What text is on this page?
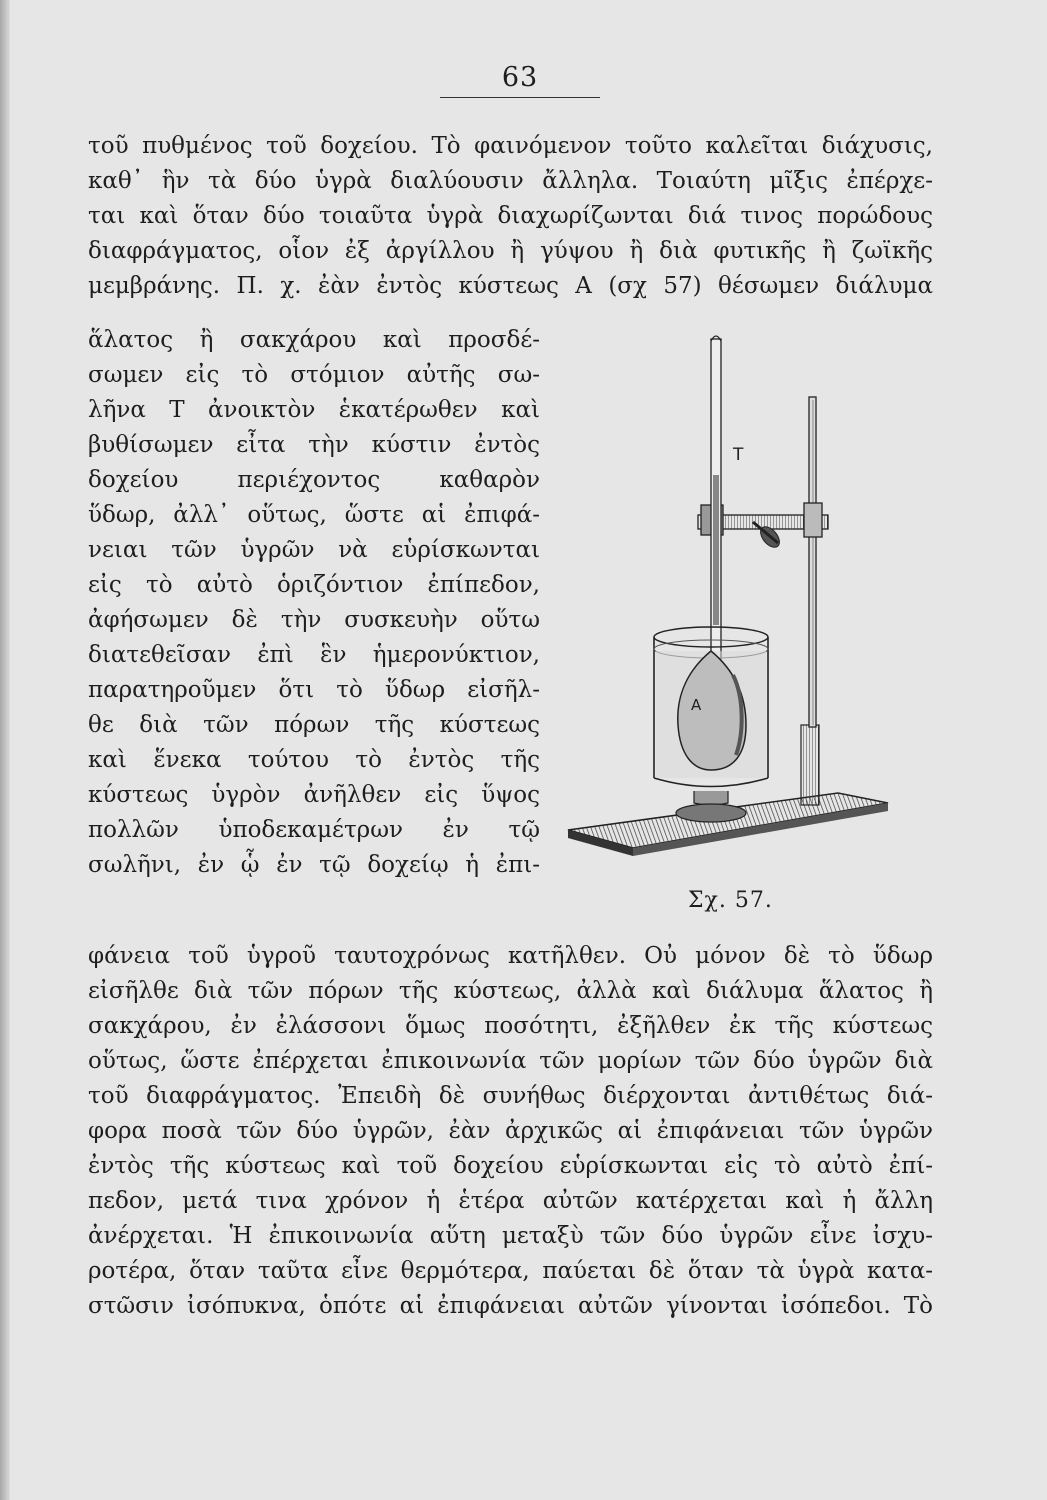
63

τοῦ πυθμένος τοῦ δοχείου. Τὸ φαινόμενον τοῦτο καλεῖται διάχυσις,

καθ᾽ ἣν τὰ δύο ὑγρὰ διαλύουσιν ἄλληλα. Τοιαύτη μῖξις ἐπέρχε-

ται καὶ ὅταν δύο τοιαῦτα ὑγρὰ διαχωρίζωνται διά τινος πορώδους

διαφράγματος, οἷον ἐξ ἀργίλλου ἢ γύψου ἢ διὰ φυτικῆς ἢ ζωϊκῆς

μεμβράνης. Π. χ. ἐὰν ἐντὸς κύστεως Α (σχ 57) θέσωμεν διάλυμα

ἅλατος ἢ σακχάρου καὶ προσδέ-

σωμεν εἰς τὸ στόμιον αὐτῆς σω-

λῆνα Τ ἀνοικτὸν ἑκατέρωθεν καὶ

βυθίσωμεν εἶτα τὴν κύστιν ἐντὸς

δοχείου περιέχοντος καθαρὸν

ὕδωρ, ἀλλ᾽ οὕτως, ὥστε αἱ ἐπιφά-

νειαι τῶν ὑγρῶν νὰ εὑρίσκωνται

εἰς τὸ αὐτὸ ὁριζόντιον ἐπίπεδον,

ἀφήσωμεν δὲ τὴν συσκευὴν οὕτω

διατεθεῖσαν ἐπὶ ἓν ἡμερονύκτιον,

παρατηροῦμεν ὅτι τὸ ὕδωρ εἰσῆλ-

θε διὰ τῶν πόρων τῆς κύστεως

καὶ ἕνεκα τούτου τὸ ἐντὸς τῆς

κύστεως ὑγρὸν ἀνῆλθεν εἰς ὕψος

πολλῶν ὑποδεκαμέτρων ἐν τῷ

σωλῆνι, ἐν ᾧ ἐν τῷ δοχείῳ ἡ ἐπι-

φάνεια τοῦ ὑγροῦ ταυτοχρόνως κατῆλθεν. Οὐ μόνον δὲ τὸ ὕδωρ

εἰσῆλθε διὰ τῶν πόρων τῆς κύστεως, ἀλλὰ καὶ διάλυμα ἅλατος ἢ

σακχάρου, ἐν ἐλάσσονι ὅμως ποσότητι, ἐξῆλθεν ἐκ τῆς κύστεως

οὕτως, ὥστε ἐπέρχεται ἐπικοινωνία τῶν μορίων τῶν δύο ὑγρῶν διὰ

τοῦ διαφράγματος. Ἐπειδὴ δὲ συνήθως διέρχονται ἀντιθέτως διά-

φορα ποσὰ τῶν δύο ὑγρῶν, ἐὰν ἀρχικῶς αἱ ἐπιφάνειαι τῶν ὑγρῶν

ἐντὸς τῆς κύστεως καὶ τοῦ δοχείου εὑρίσκωνται εἰς τὸ αὐτὸ ἐπί-

πεδον, μετά τινα χρόνον ἡ ἑτέρα αὐτῶν κατέρχεται καὶ ἡ ἄλλη

ἀνέρχεται. Ἡ ἐπικοινωνία αὕτη μεταξὺ τῶν δύο ὑγρῶν εἶνε ἰσχυ-

ροτέρα, ὅταν ταῦτα εἶνε θερμότερα, παύεται δὲ ὅταν τὰ ὑγρὰ κατα-

στῶσιν ἰσόπυκνα, ὁπότε αἱ ἐπιφάνειαι αὐτῶν γίνονται ἰσόπεδοι. Τὸ

T
A
Σχ. 57.
